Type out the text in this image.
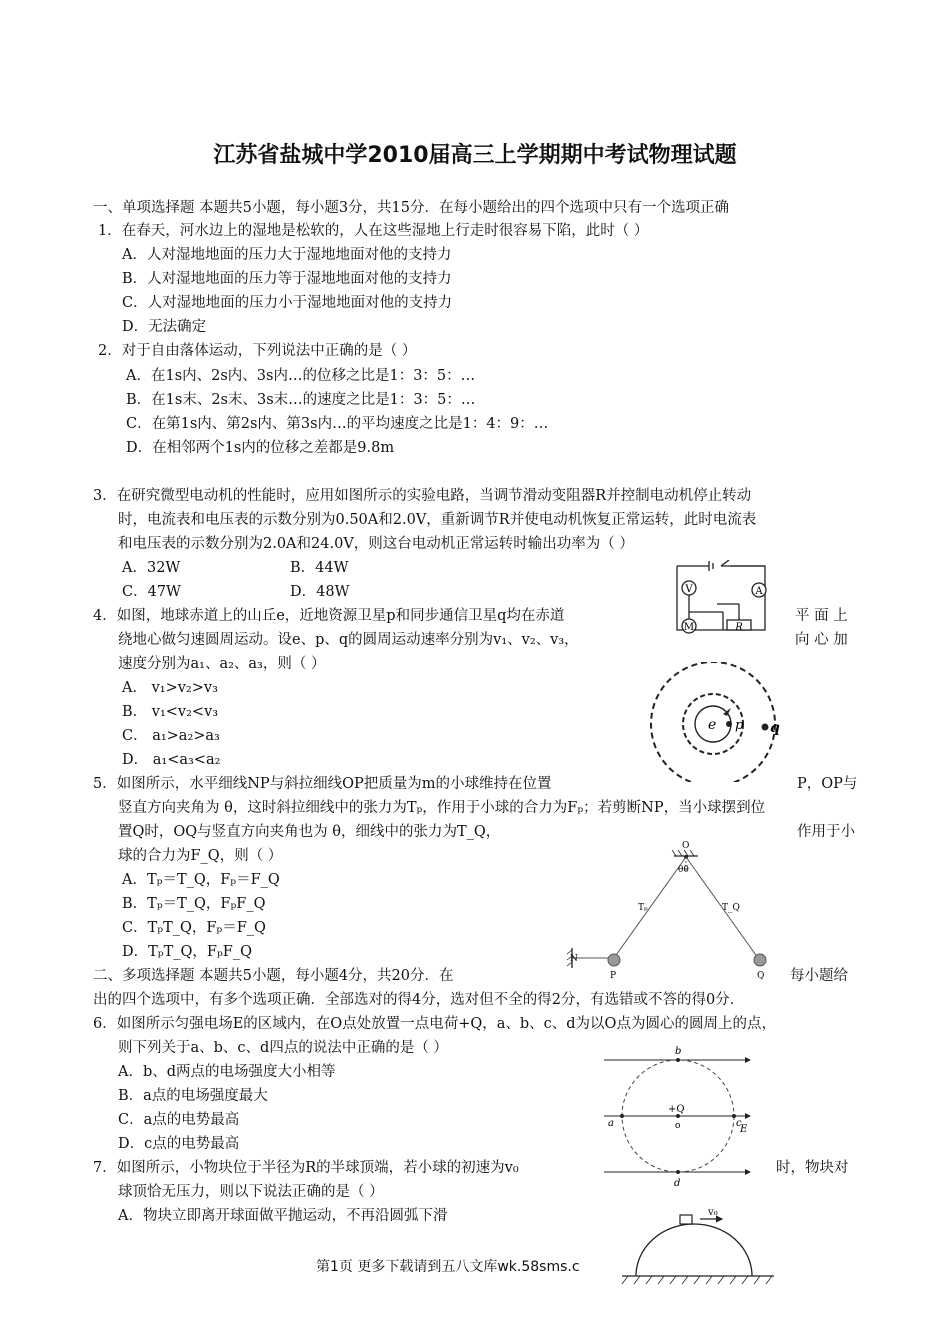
江苏省盐城中学2010届高三上学期期中考试物理试题
一、单项选择题 本题共5小题，每小题3分，共15分．在每小题给出的四个选项中只有一个选项正确
1．在春天，河水边上的湿地是松软的，人在这些湿地上行走时很容易下陷，此时（ ）
A．人对湿地地面的压力大于湿地地面对他的支持力
B．人对湿地地面的压力等于湿地地面对他的支持力
C．人对湿地地面的压力小于湿地地面对他的支持力
D．无法确定
2．对于自由落体运动，下列说法中正确的是（ ）
A．在1s内、2s内、3s内…的位移之比是1：3：5：…
B．在1s末、2s末、3s末…的速度之比是1：3：5：…
C．在第1s内、第2s内、第3s内…的平均速度之比是1：4：9：…
D．在相邻两个1s内的位移之差都是9.8m
3．在研究微型电动机的性能时，应用如图所示的实验电路，当调节滑动变阻器R并控制电动机停止转动
时，电流表和电压表的示数分别为0.50A和2.0V，重新调节R并使电动机恢复正常运转，此时电流表
和电压表的示数分别为2.0A和24.0V，则这台电动机正常运转时输出功率为（ ）
A．32W	B．44W
C．47W	D．48W	A
V
M	R
4．如图，地球赤道上的山丘e，近地资源卫星p和同步通信卫星q均在赤道	平 面 上
绕地心做匀速圆周运动。设e、p、q的圆周运动速率分别为v₁、v₂、v₃，	向 心 加
速度分别为a₁、a₂、a₃，则（ ）
A． v₁>v₂>v₃
B． v₁<v₂<v₃
C． a₁>a₂>a₃
D． a₁<a₃<a₂
e p q
5．如图所示，水平细线NP与斜拉细线OP把质量为m的小球维持在位置	P，OP与
竖直方向夹角为 θ，这时斜拉细线中的张力为Tₚ，作用于小球的合力为Fₚ；若剪断NP，当小球摆到位
置Q时，OQ与竖直方向夹角也为 θ，细线中的张力为T_Q，	作用于小
球的合力为F_Q，则（ ）
A．Tₚ＝T_Q，Fₚ＝F_Q
B．Tₚ＝T_Q，FₚF_Q
C．TₚT_Q，Fₚ＝F_Q
D．TₚT_Q，FₚF_Q
O
θθ
Tₚ	T_Q
N
P	Q
二、多项选择题 本题共5小题，每小题4分，共20分．在	每小题给
出的四个选项中，有多个选项正确．全部选对的得4分，选对但不全的得2分，有选错或不答的得0分．
6．如图所示匀强电场E的区域内，在O点处放置一点电荷+Q，a、b、c、d为以O点为圆心的圆周上的点，
则下列关于a、b、c、d四点的说法中正确的是（ ）
A．b、d两点的电场强度大小相等
B．a点的电场强度最大
C．a点的电势最高
D．c点的电势最高
b
a	c
d
+Q
o	E
7．如图所示，小物块位于半径为R的半球顶端，若小球的初速为v₀	时，物块对
球顶恰无压力，则以下说法正确的是（ ）
A．物块立即离开球面做平抛运动，不再沿圆弧下滑	v₀
第1页 更多下载请到五八文库wk.58sms.c
